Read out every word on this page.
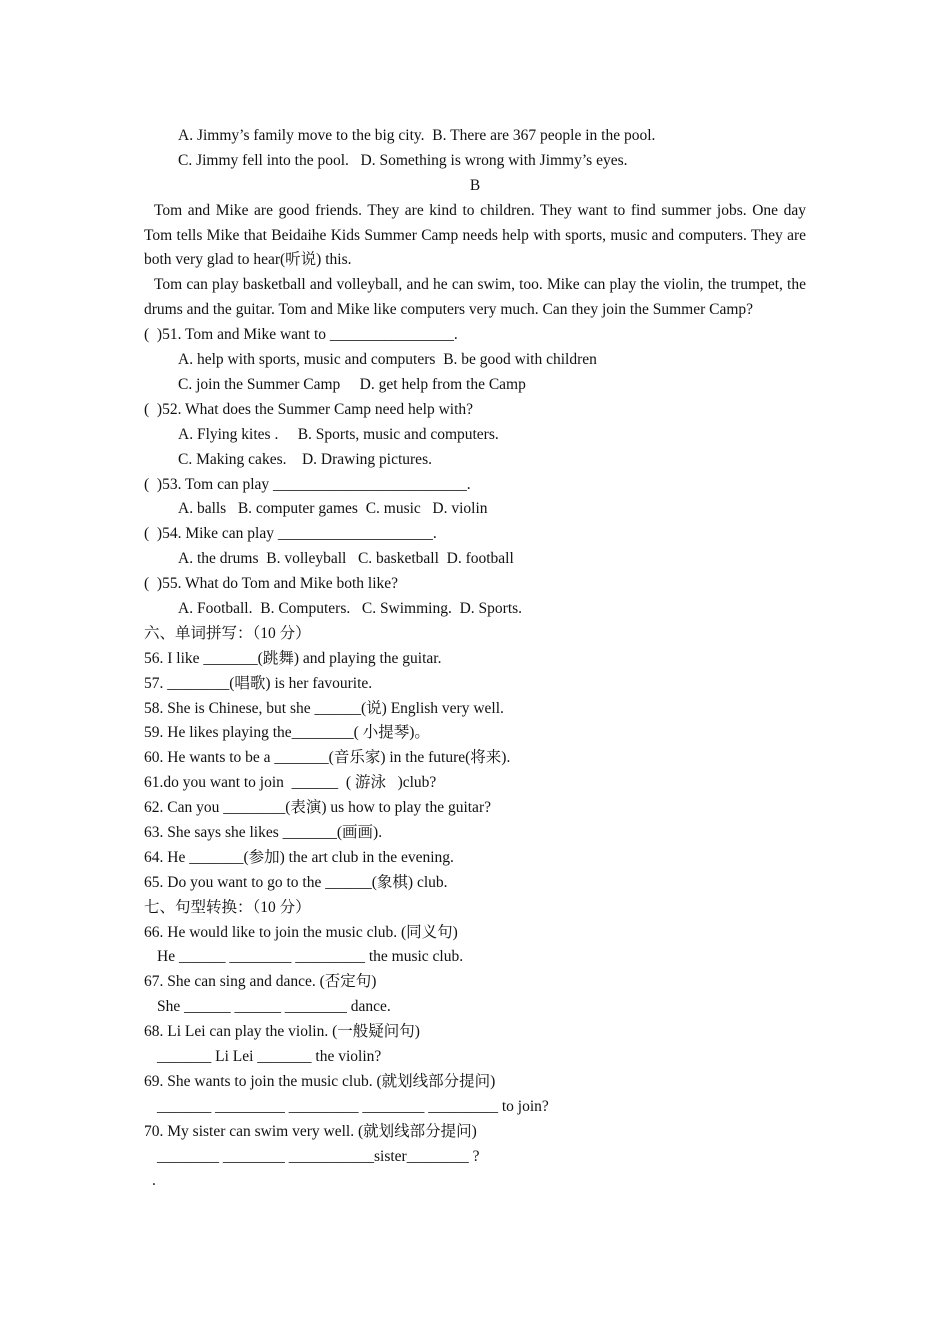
A. Jimmy’s family move to the big city.  B. There are 367 people in the pool.
C. Jimmy fell into the pool.   D. Something is wrong with Jimmy’s eyes.
B

Tom and Mike are good friends. They are kind to children. They want to find summer jobs. One day Tom tells Mike that Beidaihe Kids Summer Camp needs help with sports, music and computers. They are both very glad to hear(听说) this.

Tom can play basketball and volleyball, and he can swim, too. Mike can play the violin, the trumpet, the drums and the guitar. Tom and Mike like computers very much. Can they join the Summer Camp?

(  )51. Tom and Mike want to ________________.
A. help with sports, music and computers  B. be good with children
C. join the Summer Camp     D. get help from the Camp
(  )52. What does the Summer Camp need help with?
A. Flying kites .     B. Sports, music and computers.
C. Making cakes.    D. Drawing pictures.
(  )53. Tom can play _________________________.
A. balls   B. computer games  C. music   D. violin
(  )54. Mike can play ____________________.
A. the drums  B. volleyball   C. basketball  D. football
(  )55. What do Tom and Mike both like?
A. Football.  B. Computers.   C. Swimming.  D. Sports.
六、单词拼写：（10 分）
56. I like _______(跳舞) and playing the guitar.
57. ________(唱歌) is her favourite.
58. She is Chinese, but she ______(说) English very well.
59. He likes playing the________( 小提琴)。
60. He wants to be a _______(音乐家) in the future(将来).
61.do you want to join  ______  ( 游泳   )club?
62. Can you ________(表演) us how to play the guitar?
63. She says she likes _______(画画).
64. He _______(参加) the art club in the evening.
65. Do you want to go to the ______(象棋) club.
七、句型转换：（10 分）
66. He would like to join the music club. (同义句)
He ______ ________ _________ the music club.
67. She can sing and dance. (否定句)
She ______ ______ ________ dance.
68. Li Lei can play the violin. (一般疑问句)
_______ Li Lei _______ the violin?
69. She wants to join the music club. (就划线部分提问)
_______ _________ _________ ________ _________ to join?
70. My sister can swim very well. (就划线部分提问)
________ ________ ___________sister________ ?
.
